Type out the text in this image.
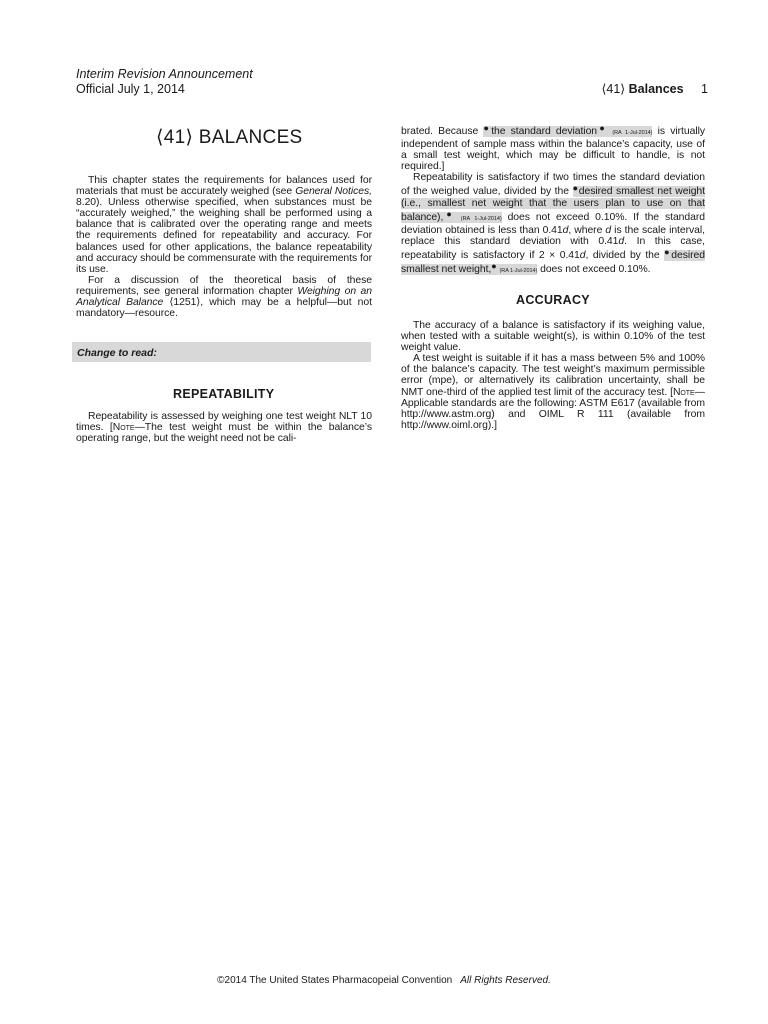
Interim Revision Announcement
Official July 1, 2014	⟨41⟩ Balances 1
⟨41⟩ BALANCES

This chapter states the requirements for balances used for materials that must be accurately weighed (see General Notices, 8.20). Unless otherwise specified, when substances must be “accurately weighed,” the weighing shall be performed using a balance that is calibrated over the operating range and meets the requirements defined for repeatability and accuracy. For balances used for other applications, the balance repeatability and accuracy should be commensurate with the requirements for its use.

For a discussion of the theoretical basis of these requirements, see general information chapter Weighing on an Analytical Balance ⟨1251⟩, which may be a helpful—but not mandatory—resource.

Change to read:
REPEATABILITY

Repeatability is assessed by weighing one test weight NLT 10 times. [Note—The test weight must be within the balance’s operating range, but the weight need not be cali-

brated. Because ●the standard deviation● (RA 1-Jul-2014) is virtually independent of sample mass within the balance’s capacity, use of a small test weight, which may be difficult to handle, is not required.]

Repeatability is satisfactory if two times the standard deviation of the weighed value, divided by the ●desired smallest net weight (i.e., smallest net weight that the users plan to use on that balance),● (RA 1-Jul-2014) does not exceed 0.10%. If the standard deviation obtained is less than 0.41d, where d is the scale interval, replace this standard deviation with 0.41d. In this case, repeatability is satisfactory if 2 × 0.41d, divided by the ●desired smallest net weight,● (RA 1-Jul-2014) does not exceed 0.10%.

ACCURACY

The accuracy of a balance is satisfactory if its weighing value, when tested with a suitable weight(s), is within 0.10% of the test weight value.

A test weight is suitable if it has a mass between 5% and 100% of the balance’s capacity. The test weight’s maximum permissible error (mpe), or alternatively its calibration uncertainty, shall be NMT one-third of the applied test limit of the accuracy test. [Note—Applicable standards are the following: ASTM E617 (available from http://www.astm.org) and OIML R 111 (available from http://www.oiml.org).]

©2014 The United States Pharmacopeial Convention All Rights Reserved.
